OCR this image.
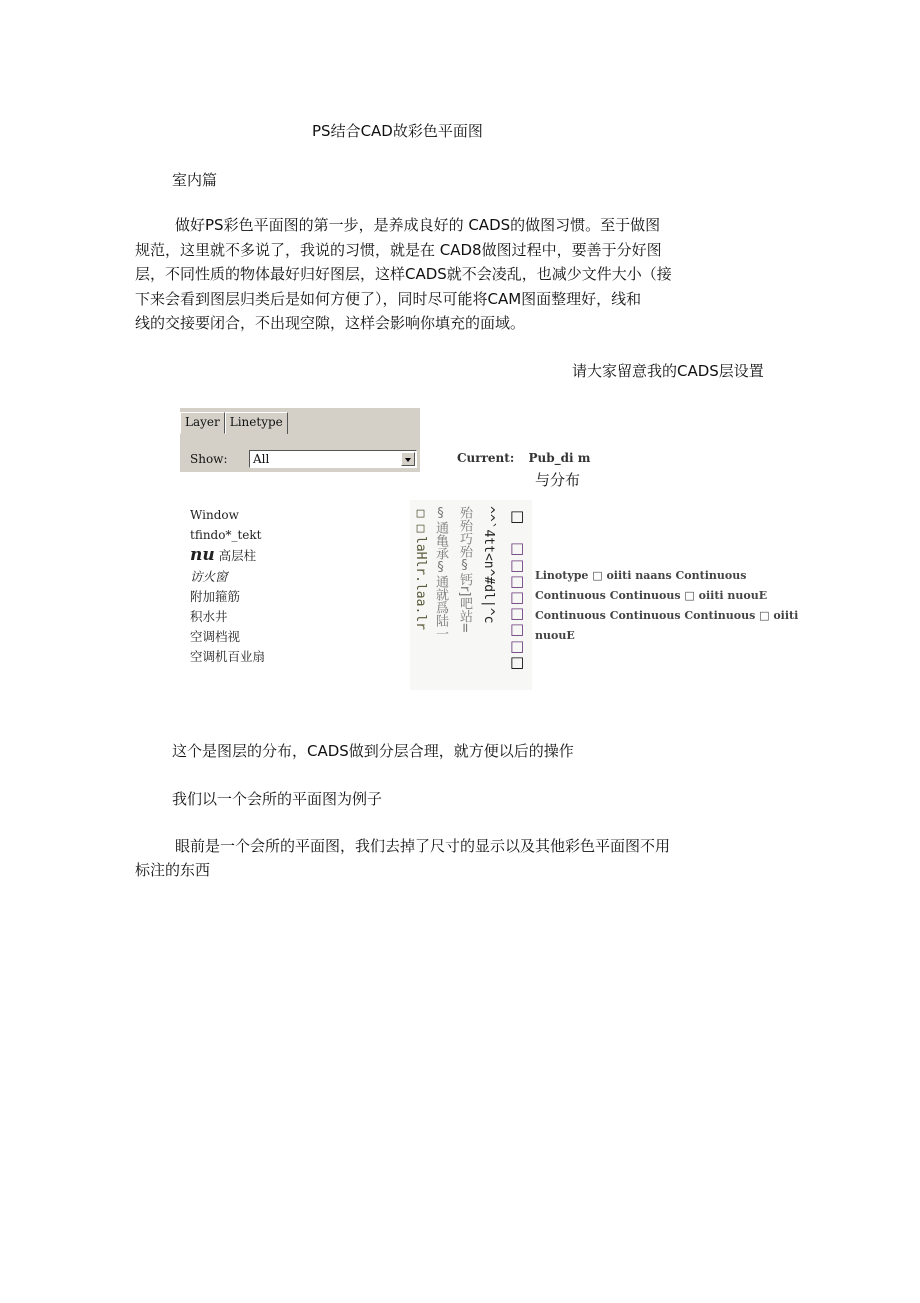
PS结合CAD故彩色平面图
室内篇
做好PS彩色平面图的第一步，是养成良好的 CADS的做图习惯。至于做图
规范，这里就不多说了，我说的习惯，就是在 CAD8做图过程中，要善于分好图
层，不同性质的物体最好归好图层，这样CADS就不会凌乱，也减少文件大小（接
下来会看到图层归类后是如何方便了），同时尽可能将CAM图面整理好，线和
线的交接要闭合，不出现空隙，这样会影响你填充的面域。
请大家留意我的CADS层设置
Layer Linetype
Show:	All	Current: Pub_di m
与分布
Window
tfindo*_tekt
nu 高层柱
访火窗
附加箍筋
积水井
空调档视
空调机百业扇
□□laHlr.laa.lr §通亀承§通就爲陆一 殆殆巧殆§钙r]吧站= ^^`4tt<n^#dl|^c □
□
□
□
□
□
□
□
□
Linotype □ oiiti naans Continuous
Continuous Continuous □ oiiti nuouE
Continuous Continuous Continuous □ oiiti
nuouE
这个是图层的分布，CADS做到分层合理，就方便以后的操作
我们以一个会所的平面图为例子
眼前是一个会所的平面图，我们去掉了尺寸的显示以及其他彩色平面图不用
标注的东西
